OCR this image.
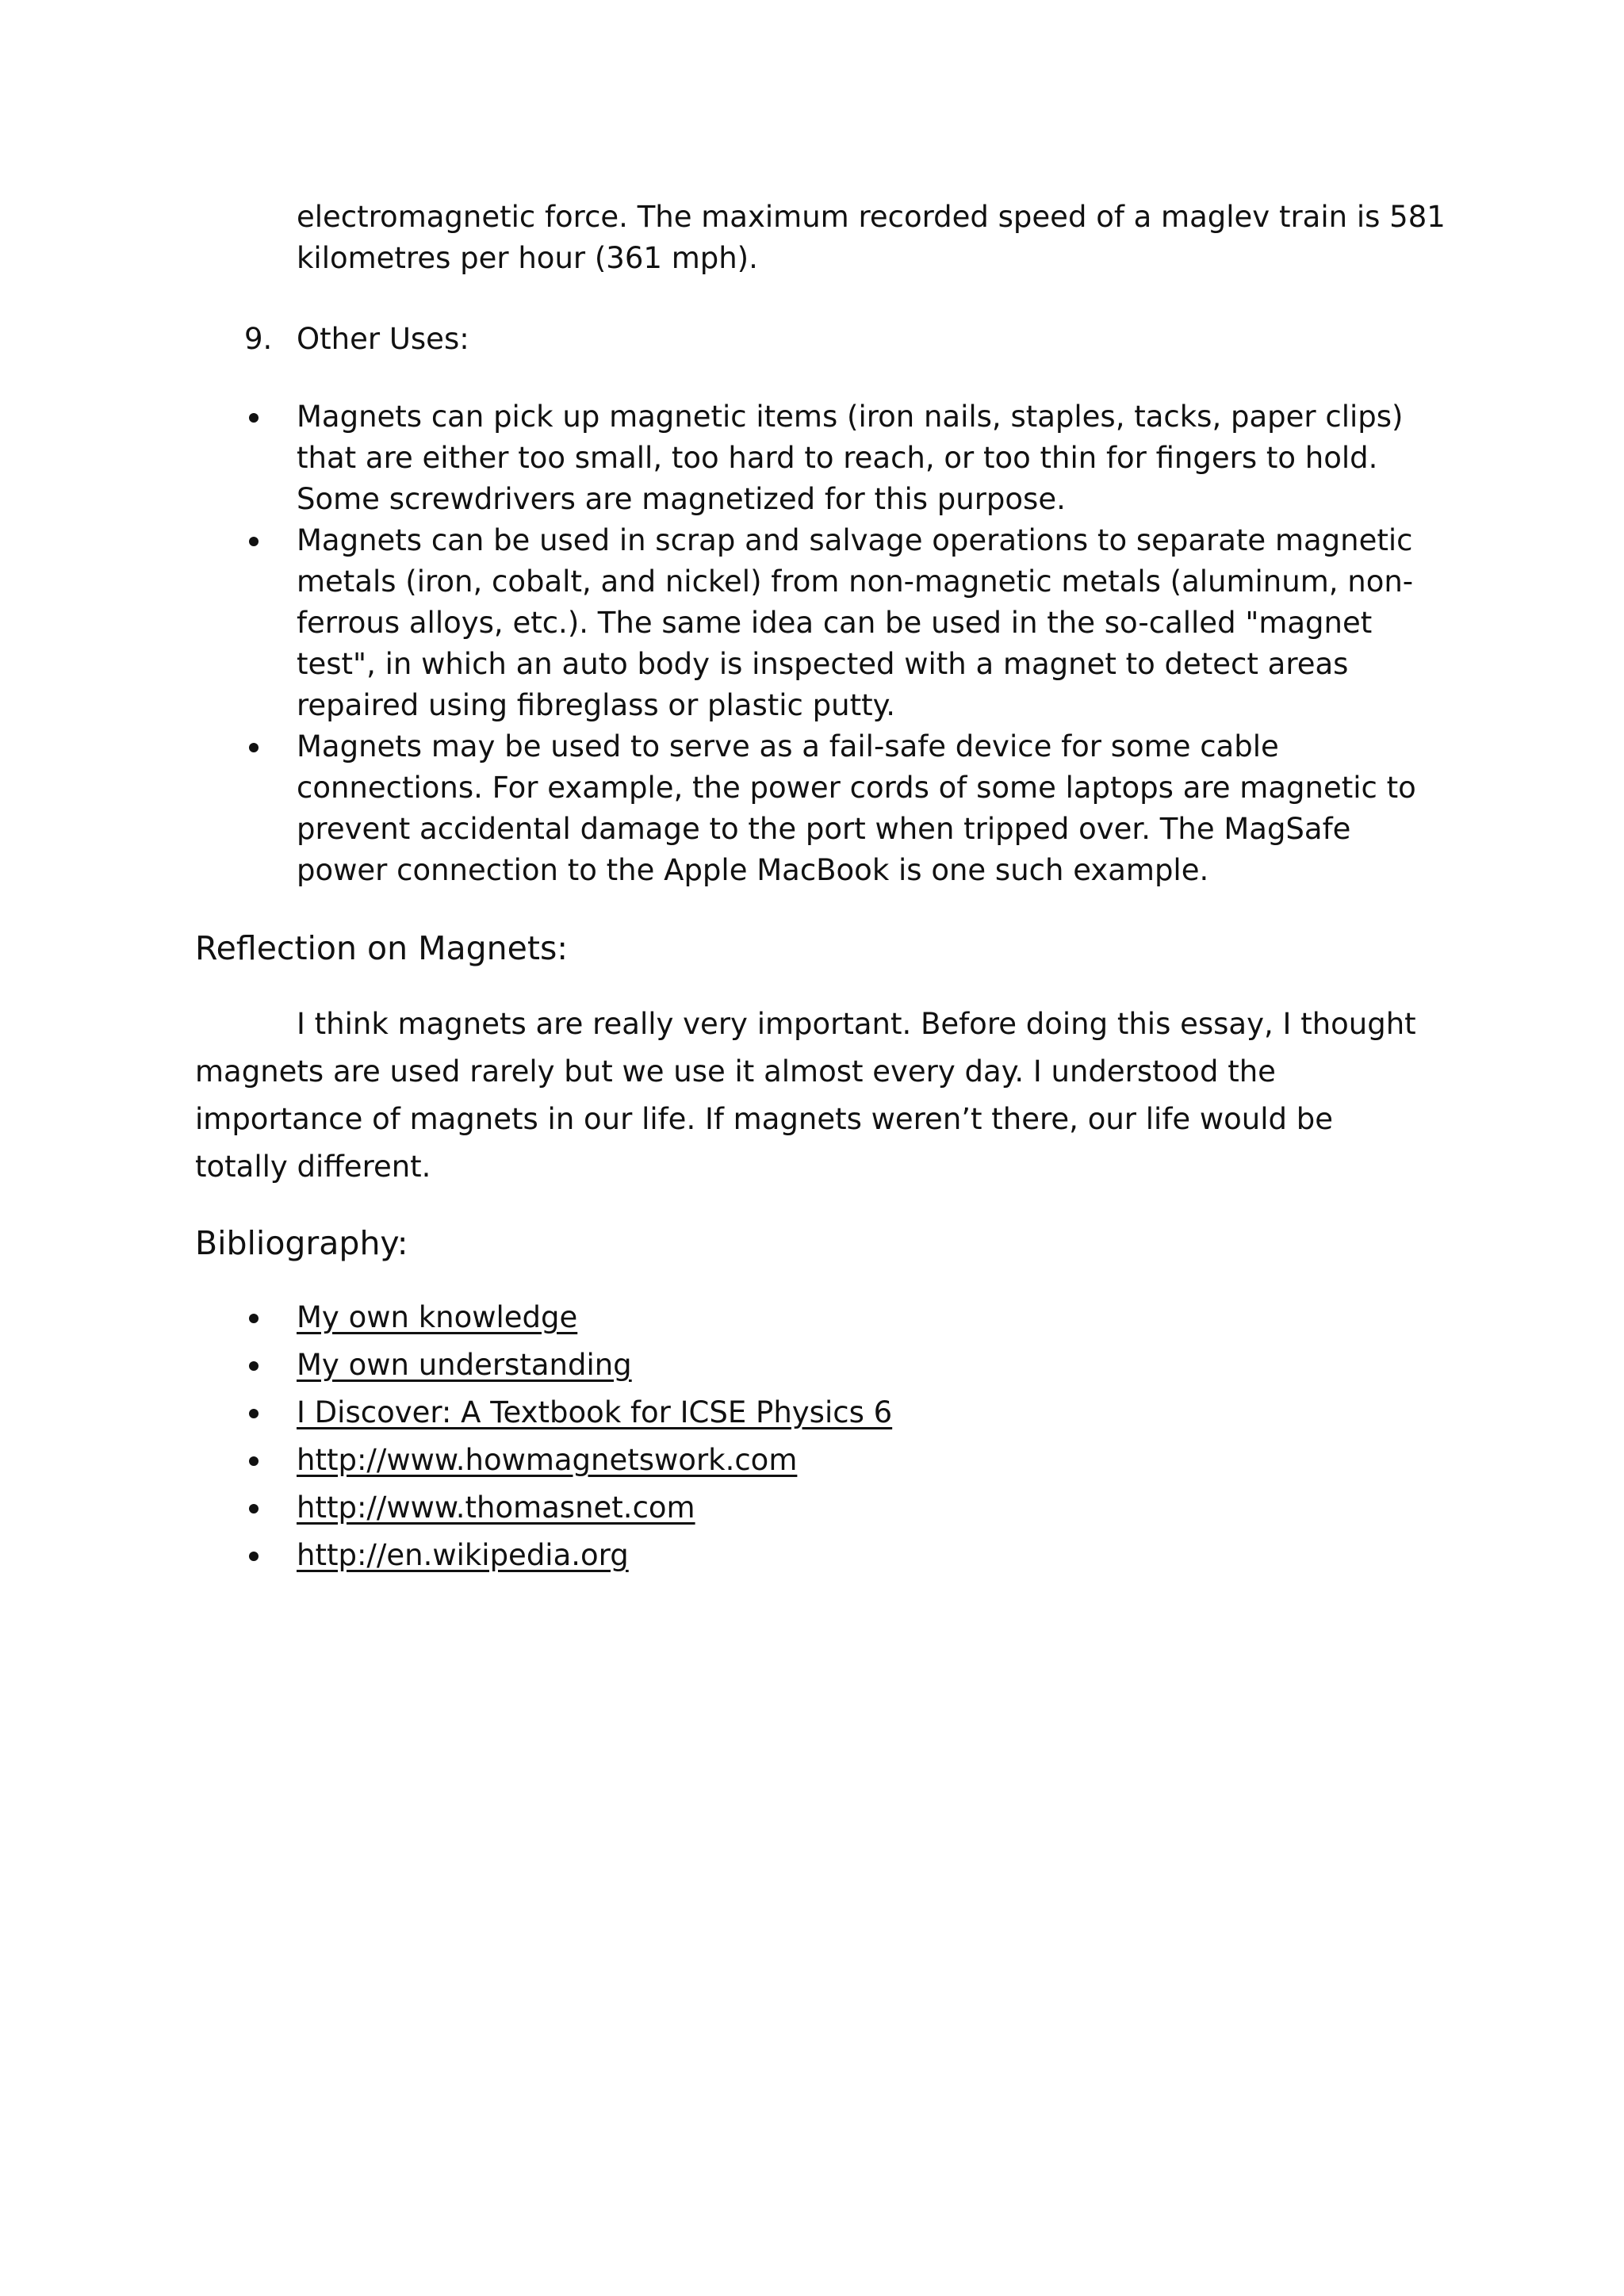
electromagnetic force. The maximum recorded speed of a maglev train is 581
kilometres per hour (361 mph).
9. Other Uses:
Magnets can pick up magnetic items (iron nails, staples, tacks, paper clips)
that are either too small, too hard to reach, or too thin for fingers to hold.
Some screwdrivers are magnetized for this purpose.
Magnets can be used in scrap and salvage operations to separate magnetic
metals (iron, cobalt, and nickel) from non-magnetic metals (aluminum, non-
ferrous alloys, etc.). The same idea can be used in the so-called "magnet
test", in which an auto body is inspected with a magnet to detect areas
repaired using fibreglass or plastic putty.
Magnets may be used to serve as a fail-safe device for some cable
connections. For example, the power cords of some laptops are magnetic to
prevent accidental damage to the port when tripped over. The MagSafe
power connection to the Apple MacBook is one such example.
Reflection on Magnets:
I think magnets are really very important. Before doing this essay, I thought
magnets are used rarely but we use it almost every day. I understood the
importance of magnets in our life. If magnets weren’t there, our life would be
totally different.
Bibliography:
My own knowledge
My own understanding
I Discover: A Textbook for ICSE Physics 6
http://www.howmagnetswork.com
http://www.thomasnet.com
http://en.wikipedia.org
